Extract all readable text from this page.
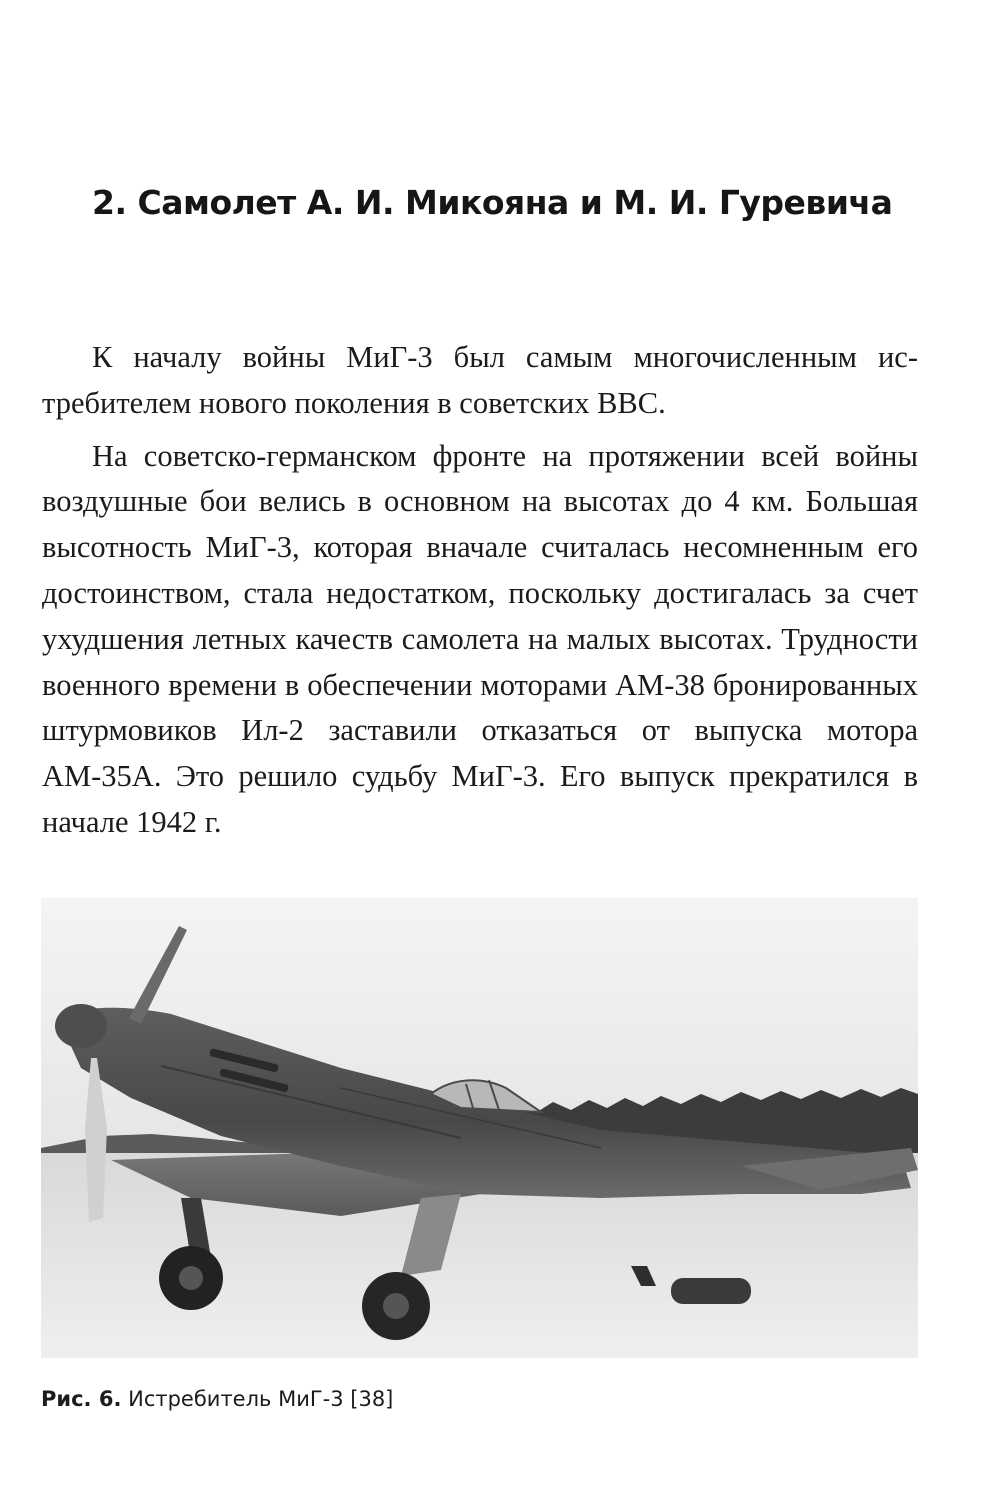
2. Самолет А. И. Микояна и М. И. Гуревича

К началу войны МиГ-3 был самым многочисленным истребителем нового поколения в советских ВВС.

На советско-германском фронте на протяжении всей войны воздушные бои велись в основном на высотах до 4 км. Большая высотность МиГ-3, которая вначале считалась несомненным его достоинством, стала недостатком, поскольку достигалась за счет ухудшения летных качеств самолета на малых высотах. Трудности военного времени в обеспечении моторами АМ-38 бронированных штурмовиков Ил-2 заставили отказаться от выпуска мотора АМ-35А. Это решило судьбу МиГ-3. Его выпуск прекратился в начале 1942 г.

Рис. 6. Истребитель МиГ-3 [38]
